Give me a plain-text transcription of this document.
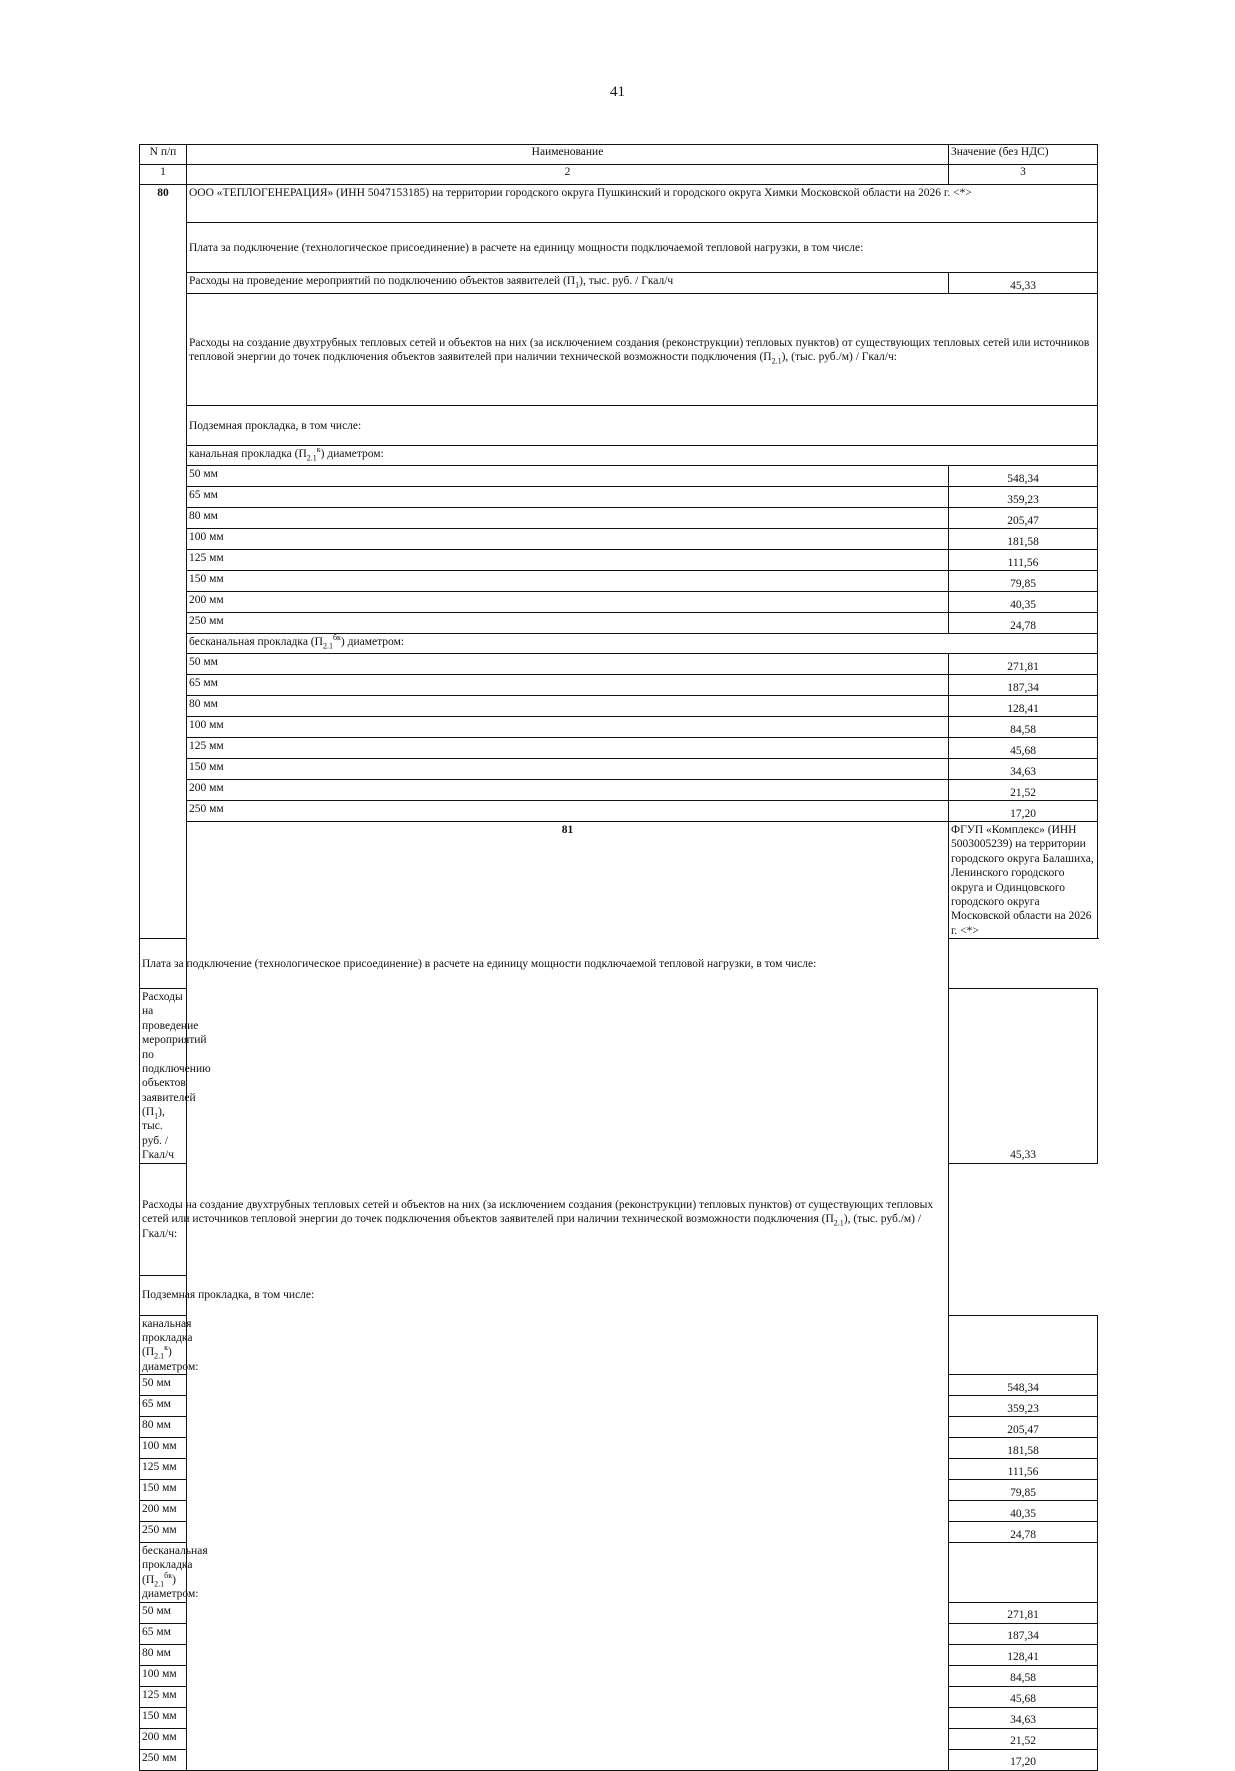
41
N п/п	Наименование	Значение (без НДС)
1	2	3
80	ООО «ТЕПЛОГЕНЕРАЦИЯ» (ИНН 5047153185) на территории городского округа Пушкинский и городского округа Химки Московской области на 2026 г. <*>	
	Плата за подключение (технологическое присоединение) в расчете на единицу мощности подключаемой тепловой нагрузки, в том числе:	
	Расходы на проведение мероприятий по подключению объектов заявителей $(П_1)$, тыс. руб. / Гкал/ч	45,33
	Расходы на создание двухтрубных тепловых сетей и объектов на них (за исключением создания (реконструкции) тепловых пунктов) от существующих тепловых сетей или источников тепловой энергии до точек подключения объектов заявителей при наличии технической возможности подключения $(П_{2.1})$, (тыс. руб./м) / Гкал/ч:	
	Подземная прокладка, в том числе:	
	канальная прокладка $(П_{2.1}^к)$ диаметром:	
	50 мм	548,34
	65 мм	359,23
	80 мм	205,47
	100 мм	181,58
	125 мм	111,56
	150 мм	79,85
	200 мм	40,35
	250 мм	24,78
	бесканальная прокладка $(П_{2.1}^{бк})$ диаметром:	
	50 мм	271,81
	65 мм	187,34
	80 мм	128,41
	100 мм	84,58
	125 мм	45,68
	150 мм	34,63
	200 мм	21,52
	250 мм	17,20
	81	ФГУП «Комплекс» (ИНН 5003005239) на территории городского округа Балашиха, Ленинского городского округа и Одинцовского городского округа Московской области на 2026 г. <*>
Плата за подключение (технологическое присоединение) в расчете на единицу мощности подключаемой тепловой нагрузки, в том числе:		
Расходы на проведение мероприятий по подключению объектов заявителей $(П_1)$, тыс. руб. / Гкал/ч		45,33
Расходы на создание двухтрубных тепловых сетей и объектов на них (за исключением создания (реконструкции) тепловых пунктов) от существующих тепловых сетей или источников тепловой энергии до точек подключения объектов заявителей при наличии технической возможности подключения $(П_{2.1})$, (тыс. руб./м) / Гкал/ч:		
Подземная прокладка, в том числе:		
канальная прокладка $(П_{2.1}^к)$ диаметром:		
50 мм		548,34
65 мм		359,23
80 мм		205,47
100 мм		181,58
125 мм		111,56
150 мм		79,85
200 мм		40,35
250 мм		24,78
бесканальная прокладка $(П_{2.1}^{бк})$ диаметром:		
50 мм		271,81
65 мм		187,34
80 мм		128,41
100 мм		84,58
125 мм		45,68
150 мм		34,63
200 мм		21,52
250 мм		17,20
